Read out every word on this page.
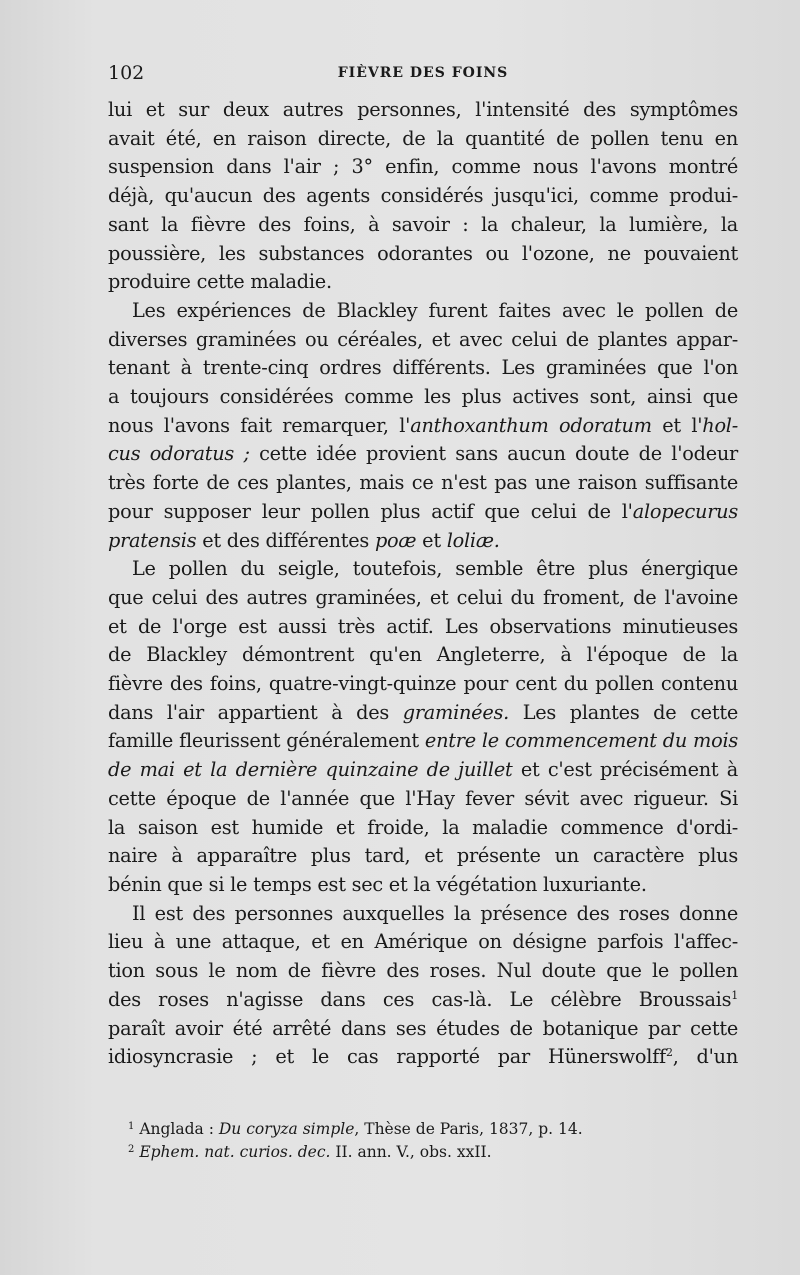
102	FIÈVRE DES FOINS
lui et sur deux autres personnes, l'intensité des symptômes
avait été, en raison directe, de la quantité de pollen tenu en
suspension dans l'air ; 3° enfin, comme nous l'avons montré
déjà, qu'aucun des agents considérés jusqu'ici, comme produi-
sant la fièvre des foins, à savoir : la chaleur, la lumière, la
poussière, les substances odorantes ou l'ozone, ne pouvaient
produire cette maladie.
Les expériences de Blackley furent faites avec le pollen de
diverses graminées ou céréales, et avec celui de plantes appar-
tenant à trente-cinq ordres différents. Les graminées que l'on
a toujours considérées comme les plus actives sont, ainsi que
nous l'avons fait remarquer, l'anthoxanthum odoratum et l'hol-
cus odoratus ; cette idée provient sans aucun doute de l'odeur
très forte de ces plantes, mais ce n'est pas une raison suffisante
pour supposer leur pollen plus actif que celui de l'alopecurus
pratensis et des différentes poæ et loliæ.
Le pollen du seigle, toutefois, semble être plus énergique
que celui des autres graminées, et celui du froment, de l'avoine
et de l'orge est aussi très actif. Les observations minutieuses
de Blackley démontrent qu'en Angleterre, à l'époque de la
fièvre des foins, quatre-vingt-quinze pour cent du pollen contenu
dans l'air appartient à des graminées. Les plantes de cette
famille fleurissent généralement entre le commencement du mois
de mai et la dernière quinzaine de juillet et c'est précisément à
cette époque de l'année que l'Hay fever sévit avec rigueur. Si
la saison est humide et froide, la maladie commence d'ordi-
naire à apparaître plus tard, et présente un caractère plus
bénin que si le temps est sec et la végétation luxuriante.
Il est des personnes auxquelles la présence des roses donne
lieu à une attaque, et en Amérique on désigne parfois l'affec-
tion sous le nom de fièvre des roses. Nul doute que le pollen
des roses n'agisse dans ces cas-là. Le célèbre Broussais$^1$
paraît avoir été arrêté dans ses études de botanique par cette
idiosyncrasie ; et le cas rapporté par Hünerswolff$^2$, d'un
$^1$ Anglada : Du coryza simple, Thèse de Paris, 1837, p. 14.
$^2$ Ephem. nat. curios. dec. II. ann. V., obs. xxII.
